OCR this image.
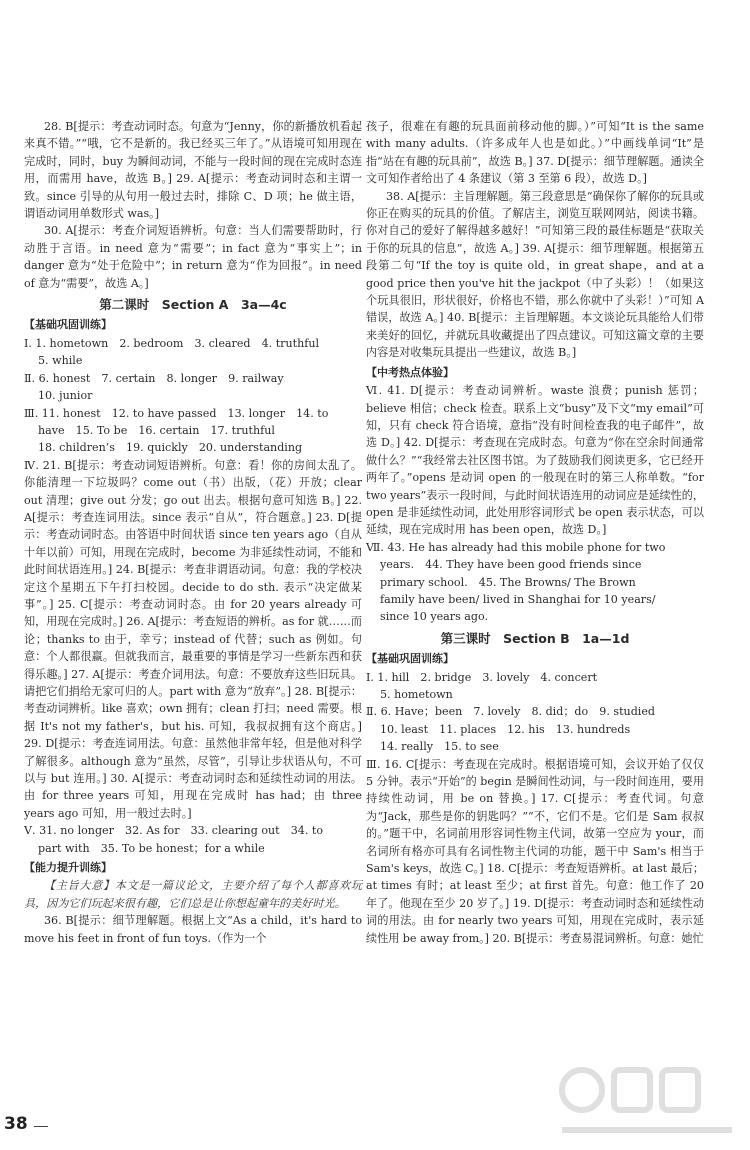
28. B[提示：考查动词时态。句意为“Jenny，你的新播放机看起来真不错。”“哦，它不是新的。我已经买三年了。”从语境可知用现在完成时，同时，buy 为瞬间动词，不能与一段时间的现在完成时态连用，而需用 have，故选 B。] 29. A[提示：考查动词时态和主谓一致。since 引导的从句用一般过去时，排除 C、D 项；he 做主语，谓语动词用单数形式 was。]

30. A[提示：考查介词短语辨析。句意：当人们需要帮助时，行动胜于言语。in need 意为“需要”；in fact 意为“事实上”；in danger 意为“处于危险中”；in return 意为“作为回报”。in need of 意为“需要”，故选 A。]

第二课时　Section A　3a—4c
【基础巩固训练】
Ⅰ. 1. hometown　2. bedroom　3. cleared　4. truthful
5. while
Ⅱ. 6. honest　7. certain　8. longer　9. railway
10. junior
Ⅲ. 11. honest　12. to have passed　13. longer　14. to
have　15. To be　16. certain　17. truthful
18. children’s　19. quickly　20. understanding

Ⅳ. 21. B[提示：考查动词短语辨析。句意：看！你的房间太乱了。你能清理一下垃圾吗？come out（书）出版，（花）开放；clear out 清理；give out 分发；go out 出去。根据句意可知选 B。] 22. A[提示：考查连词用法。since 表示“自从”，符合题意。] 23. D[提示：考查动词时态。由答语中时间状语 since ten years ago（自从十年以前）可知，用现在完成时，become 为非延续性动词，不能和此时间状语连用。] 24. B[提示：考查非谓语动词。句意：我的学校决定这个星期五下午打扫校园。decide to do sth. 表示“决定做某事”。] 25. C[提示：考查动词时态。由 for 20 years already 可知，用现在完成时。] 26. A[提示：考查短语的辨析。as for 就……而论；thanks to 由于，幸亏；instead of 代替；such as 例如。句意：个人都很赢。但就我而言，最重要的事情是学习一些新东西和获得乐趣。] 27. A[提示：考查介词用法。句意：不要放弃这些旧玩具。请把它们捐给无家可归的人。part with 意为“放弃”。] 28. B[提示：考查动词辨析。like 喜欢；own 拥有；clean 打扫；need 需要。根据 It's not my father's，but his. 可知，我叔叔拥有这个商店。] 29. D[提示：考查连词用法。句意：虽然他非常年轻，但是他对科学了解很多。although 意为“虽然，尽管”，引导让步状语从句，不可以与 but 连用。] 30. A[提示：考查动词时态和延续性动词的用法。由 for three years 可知，用现在完成时 has had；由 three years ago 可知，用一般过去时。]

Ⅴ. 31. no longer　32. As for　33. clearing out　34. to
part with　35. To be honest；for a while
【能力提升训练】

【主旨大意】本文是一篇议论文，主要介绍了每个人都喜欢玩具，因为它们玩起来很有趣，它们总是让你想起童年的美好时光。

36. B[提示：细节理解题。根据上文“As a child，it's hard to move his feet in front of fun toys.（作为一个

孩子，很难在有趣的玩具面前移动他的脚。）”可知“It is the same with many adults.（许多成年人也是如此。）”中画线单词“It”是指“站在有趣的玩具前”，故选 B。] 37. D[提示：细节理解题。通读全文可知作者给出了 4 条建议（第 3 至第 6 段），故选 D。]

38. A[提示：主旨理解题。第三段意思是“确保你了解你的玩具或你正在购买的玩具的价值。了解店主，浏览互联网网站，阅读书籍。你对自己的爱好了解得越多越好！”可知第三段的最佳标题是“获取关于你的玩具的信息”，故选 A。] 39. A[提示：细节理解题。根据第五段第二句“If the toy is quite old，in great shape，and at a good price then you've hit the jackpot（中了头彩）！（如果这个玩具很旧，形状很好，价格也不错，那么你就中了头彩！）”可知 A 错误，故选 A。] 40. B[提示：主旨理解题。本文谈论玩具能给人们带来美好的回忆，并就玩具收藏提出了四点建议。可知这篇文章的主要内容是对收集玩具提出一些建议，故选 B。]

【中考热点体验】

Ⅵ. 41. D[提示：考查动词辨析。waste 浪费；punish 惩罚；believe 相信；check 检查。联系上文“busy”及下文“my email”可知，只有 check 符合语境，意指“没有时间检查我的电子邮件”，故选 D。] 42. D[提示：考查现在完成时态。句意为“你在空余时间通常做什么？”“我经常去社区图书馆。为了鼓励我们阅读更多，它已经开两年了。”opens 是动词 open 的一般现在时的第三人称单数。“for two years”表示一段时间，与此时间状语连用的动词应是延续性的，open 是非延续性动词，此处用形容词形式 be open 表示状态，可以延续，现在完成时用 has been open，故选 D。]

Ⅶ. 43. He has already had this mobile phone for two
years.　44. They have been good friends since
primary school.　45. The Browns/ The Brown
family have been/ lived in Shanghai for 10 years/
since 10 years ago.
第三课时　Section B　1a—1d
【基础巩固训练】
Ⅰ. 1. hill　2. bridge　3. lovely　4. concert
5. hometown
Ⅱ. 6. Have；been　7. lovely　8. did；do　9. studied
10. least　11. places　12. his　13. hundreds
14. really　15. to see

Ⅲ. 16. C[提示：考查现在完成时。根据语境可知，会议开始了仅仅 5 分钟。表示“开始”的 begin 是瞬间性动词，与一段时间连用，要用持续性动词，用 be on 替换。] 17. C[提示：考查代词。句意为“Jack，那些是你的钥匙吗？”“不，它们不是。它们是 Sam 叔叔的。”题干中，名词前用形容词性物主代词，故第一空应为 your，而名词所有格亦可具有名词性物主代词的功能，题干中 Sam's 相当于 Sam's keys，故选 C。] 18. C[提示：考查短语辨析。at last 最后；at times 有时；at least 至少；at first 首先。句意：他工作了 20 年了。他现在至少 20 岁了。] 19. D[提示：考查动词时态和延续性动词的用法。由 for nearly two years 可知，用现在完成时，表示延续性用 be away from。] 20. B[提示：考查易混词辨析。句意：她忙

38
